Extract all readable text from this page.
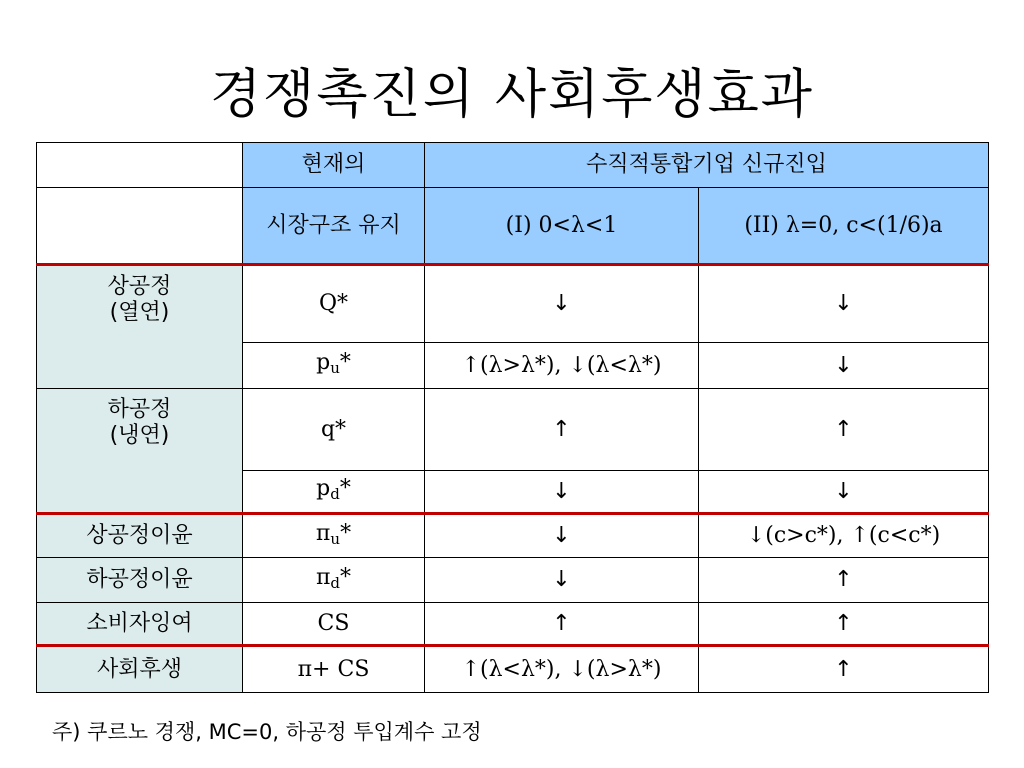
경쟁촉진의 사회후생효과
	현재의	수직적통합기업 신규진입	

	시장구조 유지	(I) 0<λ<1	(II) λ=0, c<(1/6)a
상공정
(열연)	Q*	↓	↓
	$p_u*$	↑(λ>λ*), ↓(λ<λ*)	↓
하공정
(냉연)	q*	↑	↑
	$p_d*$	↓	↓
상공정이윤	$\pi_u*$	↓	↓(c>c*), ↑(c<c*)
하공정이윤	$\pi_d*$	↓	↑
소비자잉여	CS	↑	↑
사회후생	π+ CS	↑(λ<λ*), ↓(λ>λ*)	↑
주) 쿠르노 경쟁, MC=0, 하공정 투입계수 고정
